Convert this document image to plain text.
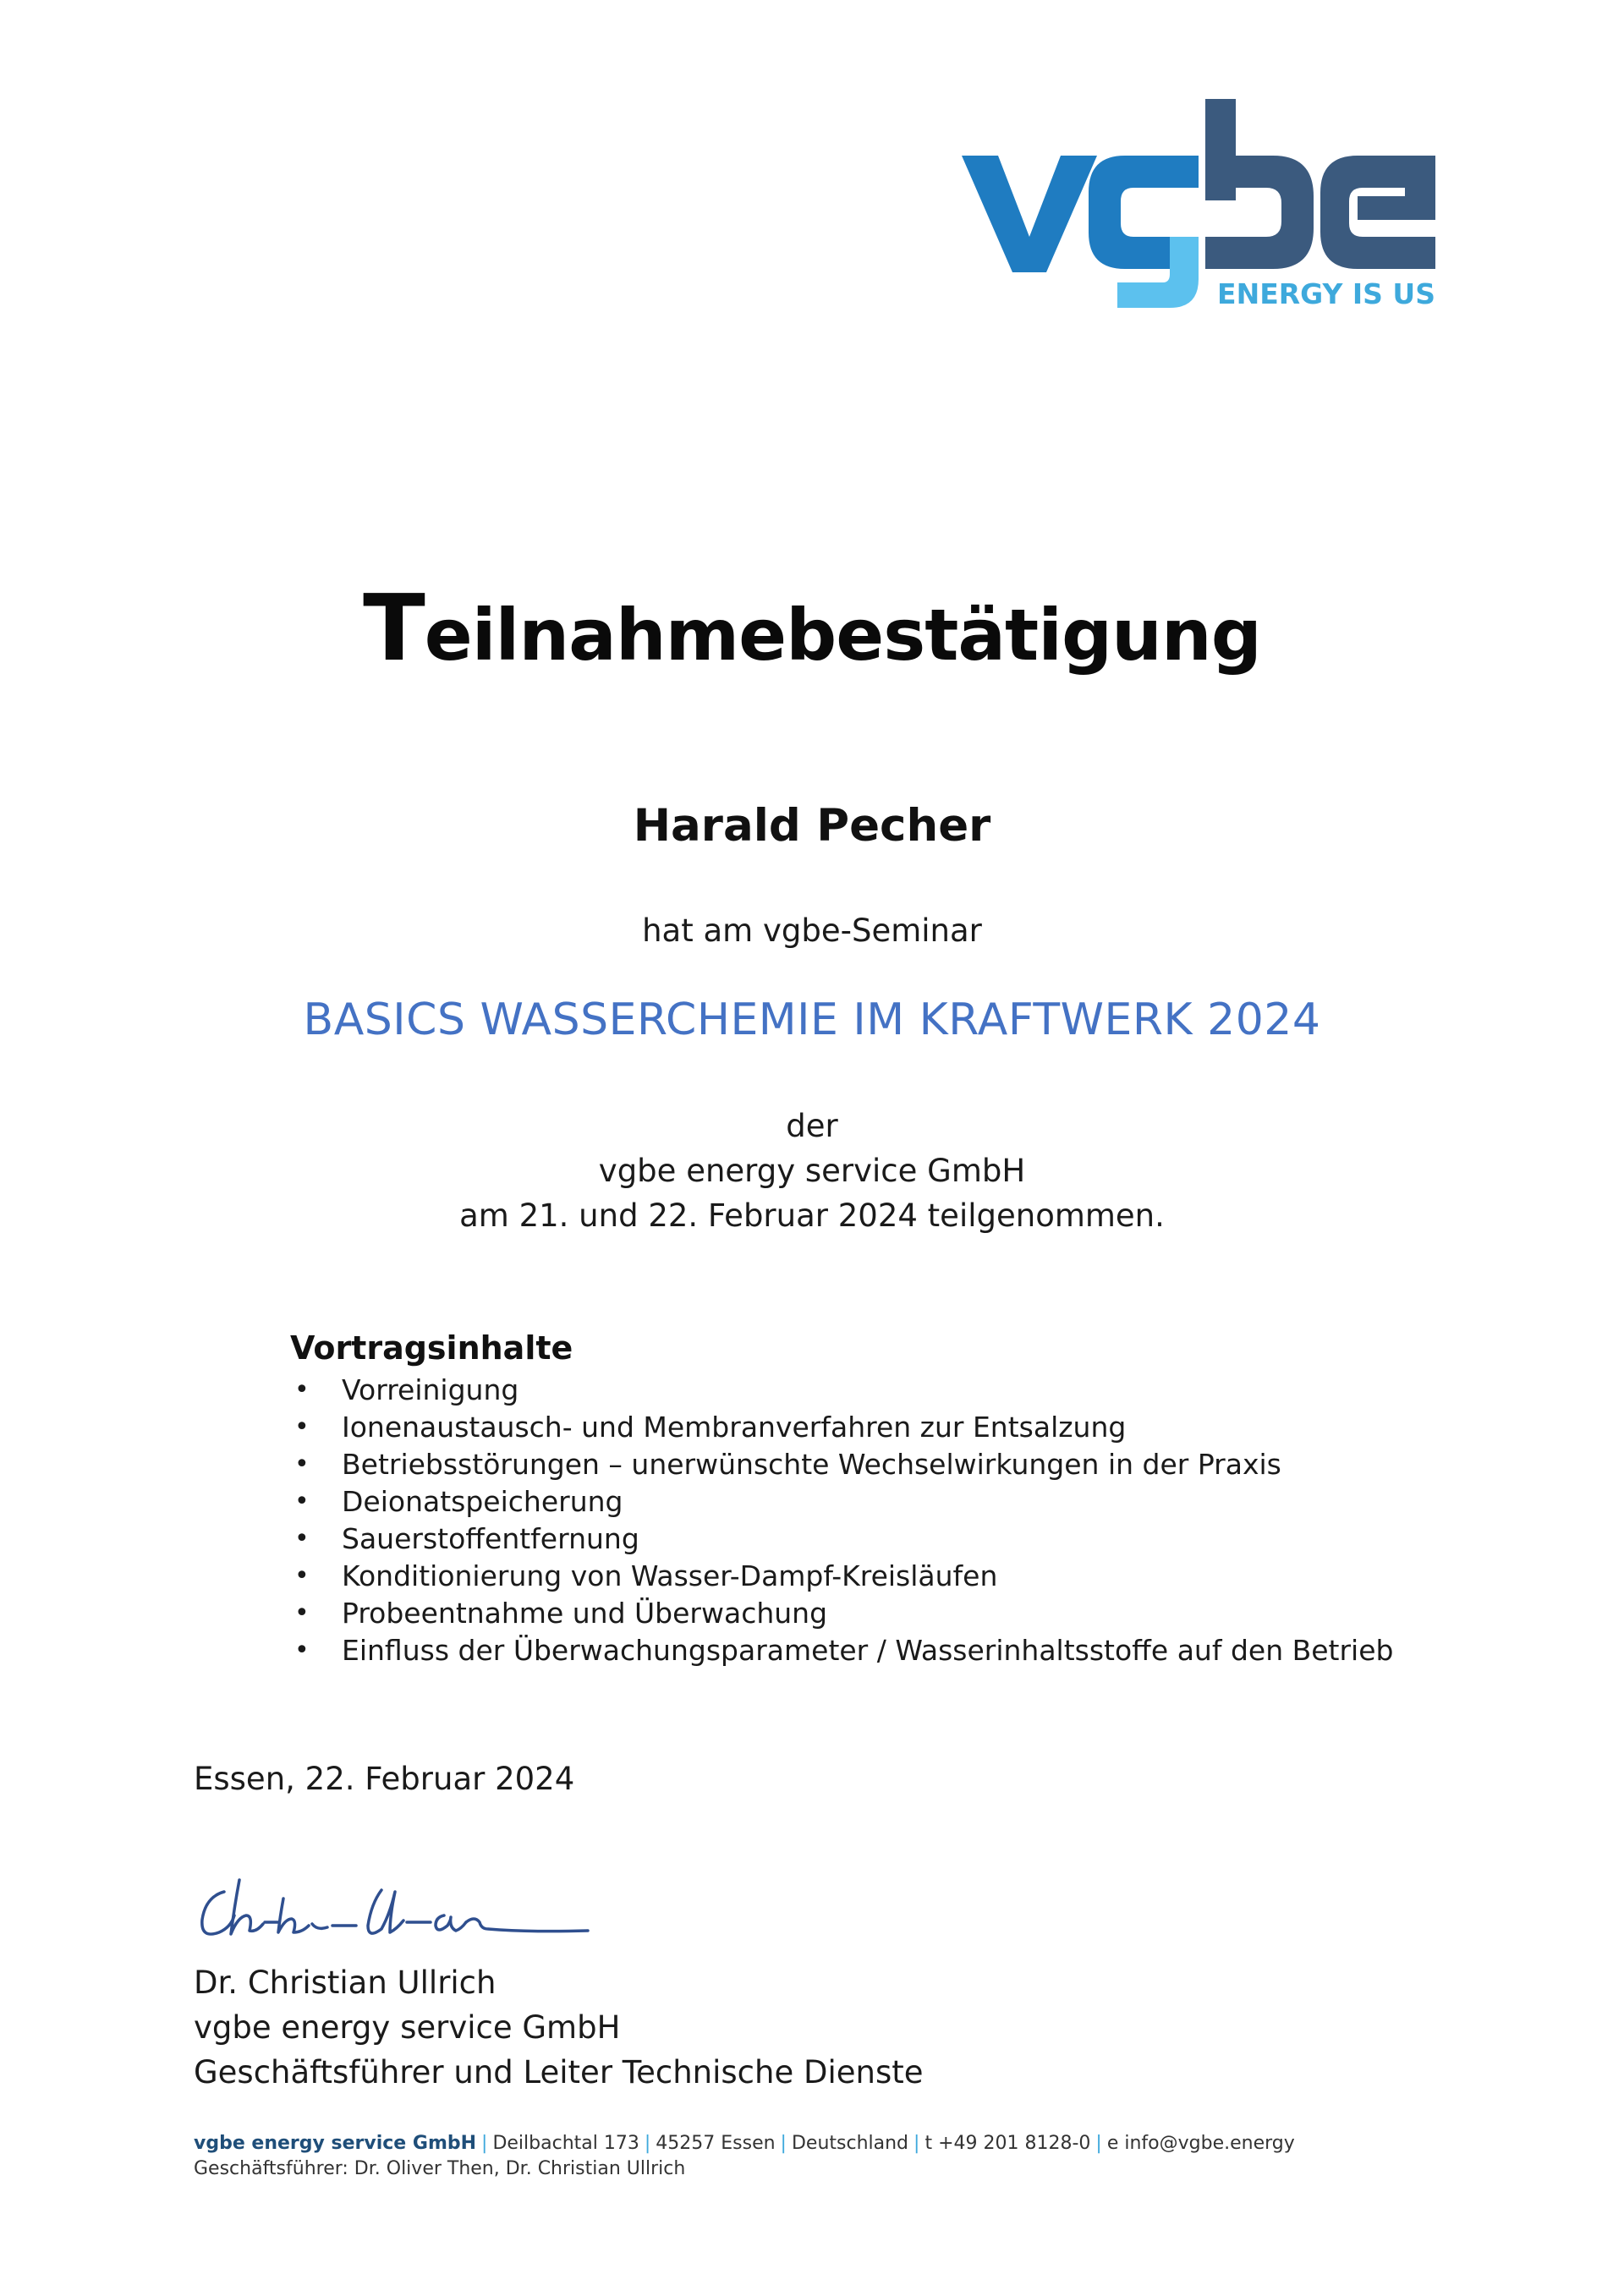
ENERGY IS US
Teilnahmebestätigung
Harald Pecher
hat am vgbe-Seminar
BASICS WASSERCHEMIE IM KRAFTWERK 2024
der
vgbe energy service GmbH
am 21. und 22. Februar 2024 teilgenommen.
Vortragsinhalte
• Vorreinigung
• Ionenaustausch- und Membranverfahren zur Entsalzung
• Betriebsstörungen – unerwünschte Wechselwirkungen in der Praxis
• Deionatspeicherung
• Sauerstoffentfernung
• Konditionierung von Wasser-Dampf-Kreisläufen
• Probeentnahme und Überwachung
• Einfluss der Überwachungsparameter / Wasserinhaltsstoffe auf den Betrieb
Essen, 22. Februar 2024
Dr. Christian Ullrich
vgbe energy service GmbH
Geschäftsführer und Leiter Technische Dienste
vgbe energy service GmbH | Deilbachtal 173 | 45257 Essen | Deutschland | t +49 201 8128-0 | e info@vgbe.energy
Geschäftsführer: Dr. Oliver Then, Dr. Christian Ullrich
